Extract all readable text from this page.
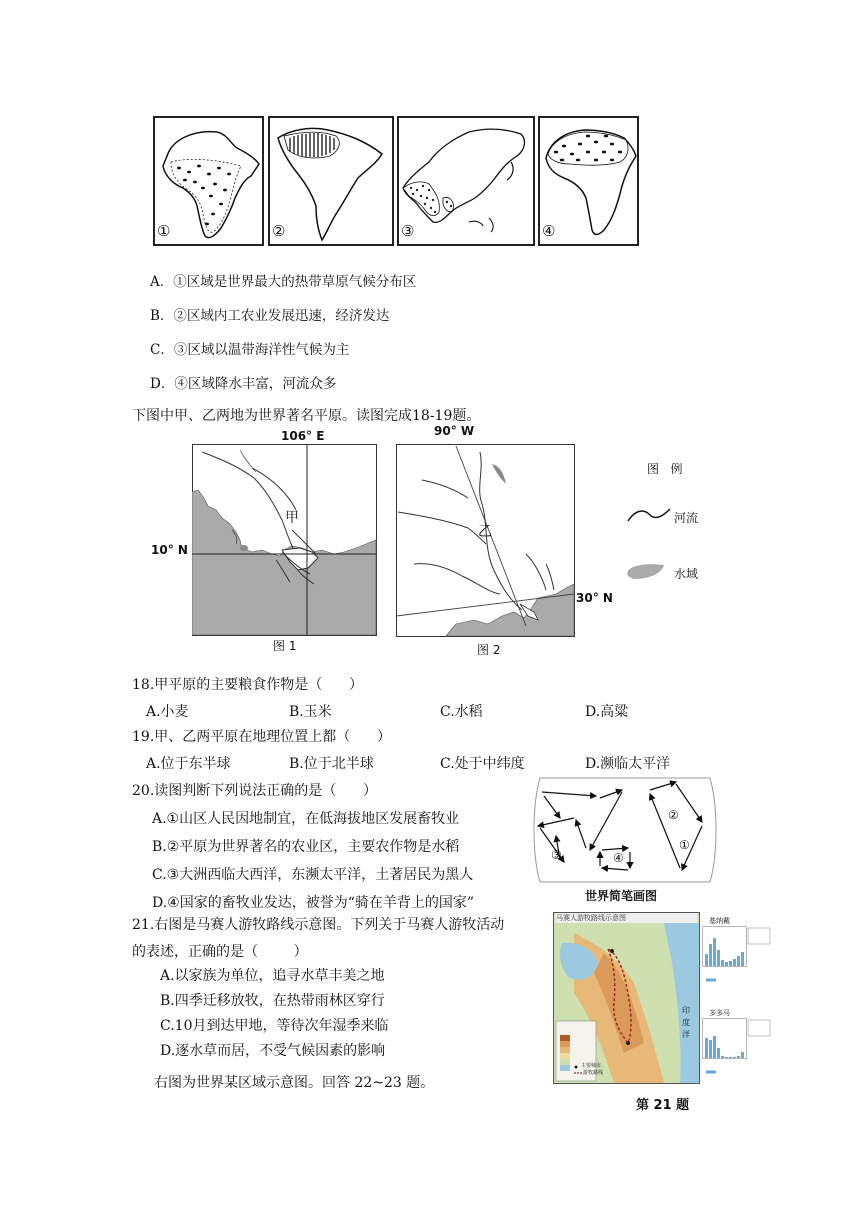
①	②	③	④
A．①区域是世界最大的热带草原气候分布区
B．②区域内工农业发展迅速，经济发达
C．③区域以温带海洋性气候为主
D．④区域降水丰富，河流众多
下图中甲、乙两地为世界著名平原。读图完成18-19题。
106° E
10° N
甲
图 1
90° W
30° N
乙
图 2
图   例
河流
水域
18.甲平原的主要粮食作物是（      ）
A.小麦	B.玉米	C.水稻	D.高粱
19.甲、乙两平原在地理位置上都（      ）
A.位于东半球	B.位于北半球	C.处于中纬度	D.濒临太平洋
20.读图判断下列说法正确的是（      ）
A.①山区人民因地制宜，在低海拔地区发展畜牧业
B.②平原为世界著名的农业区，主要农作物是水稻
C.③大洲西临大西洋，东濒太平洋，土著居民为黑人
D.④国家的畜牧业发达，被誉为“骑在羊背上的国家”
②
①
③	④
世界简笔画图
21.右图是马赛人游牧路线示意图。下列关于马赛人游牧活动
的表述，正确的是（        ）
A.以家族为单位，追寻水草丰美之地
B.四季迁移放牧，在热带雨林区穿行
C.10月到达甲地，等待次年湿季来临
D.逐水草而居，不受气候因素的影响
马赛人游牧路线示意图
印度洋
主要城市
游牧路线
基纳戴
多多马
第 21 题
右图为世界某区域示意图。回答 22~23 题。
